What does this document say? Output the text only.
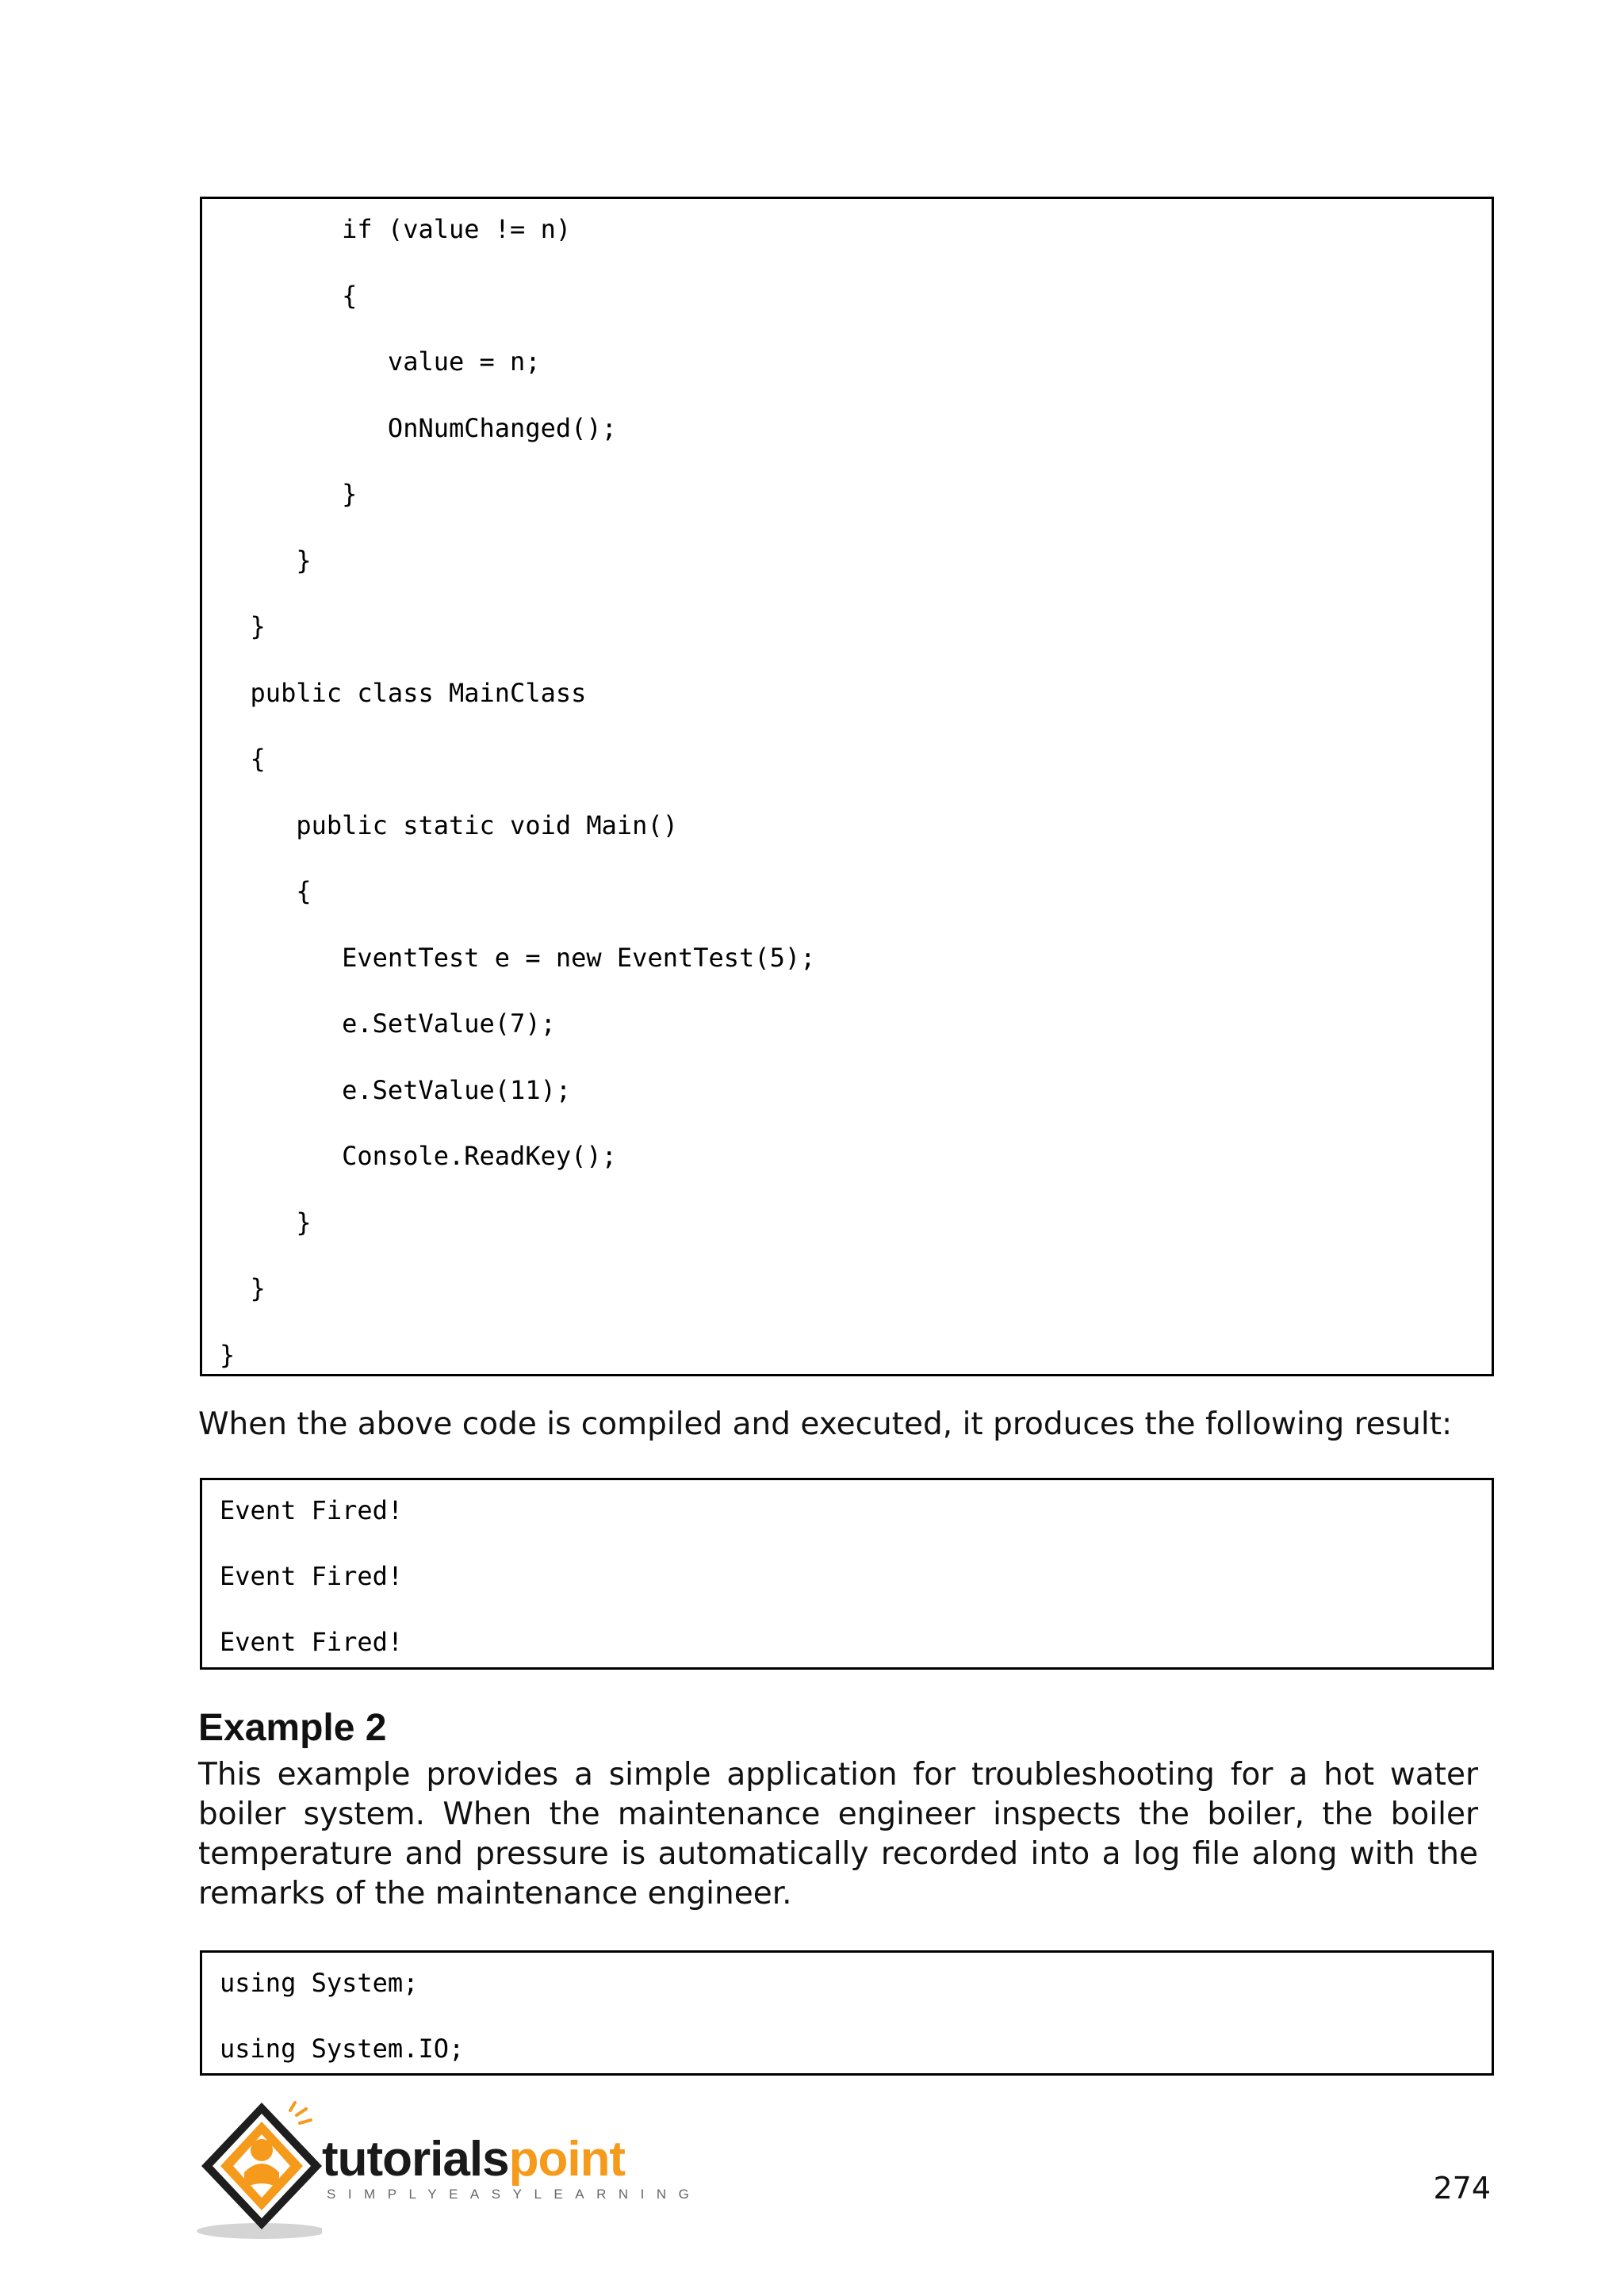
if (value != n)
{
value = n;
OnNumChanged();
}
}
}
public class MainClass
{
public static void Main()
{
EventTest e = new EventTest(5);
e.SetValue(7);
e.SetValue(11);
Console.ReadKey();
}
}
}
When the above code is compiled and executed, it produces the following result:
Event Fired!
Event Fired!
Event Fired!
Example 2
This example provides a simple application for troubleshooting for a hot water boiler system. When the maintenance engineer inspects the boiler, the boiler temperature and pressure is automatically recorded into a log file along with the remarks of the maintenance engineer.
using System;
using System.IO;
tutorialspoint
SIMPLYEASYLEARNING	274
